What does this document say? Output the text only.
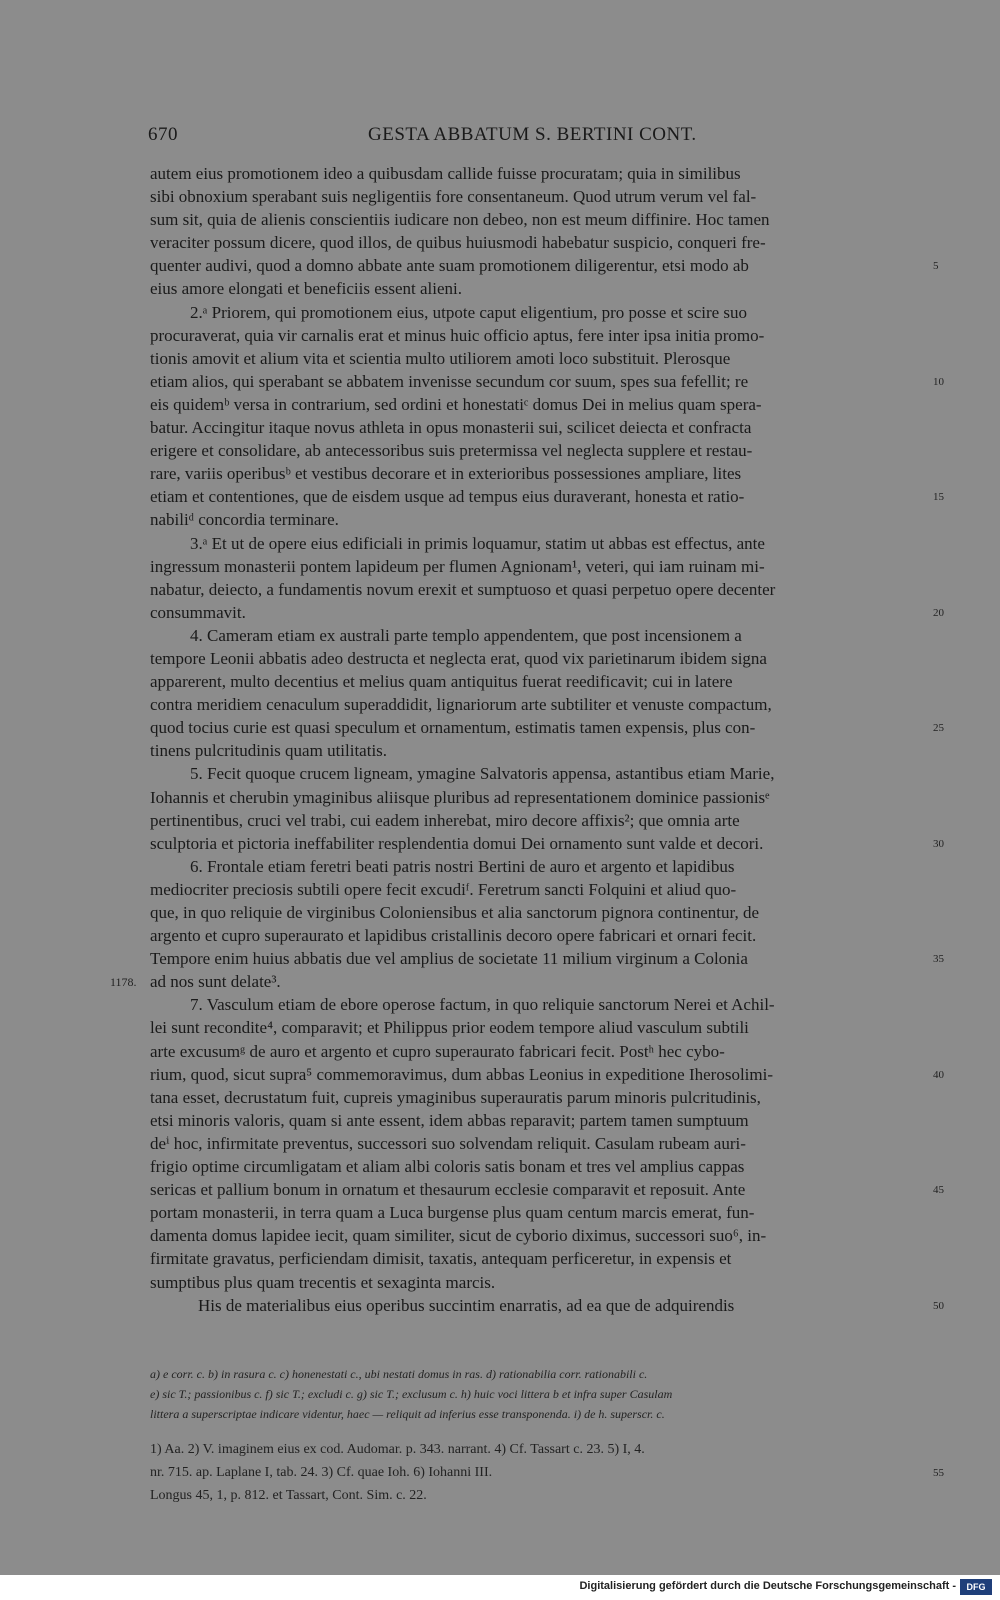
670	GESTA ABBATUM S. BERTINI CONT.
autem eius promotionem ideo a quibusdam callide fuisse procuratam; quia in similibus
sibi obnoxium sperabant suis negligentiis fore consentaneum. Quod utrum verum vel fal-
sum sit, quia de alienis conscientiis iudicare non debeo, non est meum diffinire. Hoc tamen
veraciter possum dicere, quod illos, de quibus huiusmodi habebatur suspicio, conqueri fre-
quenter audivi, quod a domno abbate ante suam promotionem diligerentur, etsi modo ab	5
eius amore elongati et beneficiis essent alieni.
2.ᵃ Priorem, qui promotionem eius, utpote caput eligentium, pro posse et scire suo
procuraverat, quia vir carnalis erat et minus huic officio aptus, fere inter ipsa initia promo-
tionis amovit et alium vita et scientia multo utiliorem amoti loco substituit. Plerosque
etiam alios, qui sperabant se abbatem invenisse secundum cor suum, spes sua fefellit; re	10
eis quidemᵇ versa in contrarium, sed ordini et honestatiᶜ domus Dei in melius quam spera-
batur. Accingitur itaque novus athleta in opus monasterii sui, scilicet deiecta et confracta
erigere et consolidare, ab antecessoribus suis pretermissa vel neglecta supplere et restau-
rare, variis operibusᵇ et vestibus decorare et in exterioribus possessiones ampliare, lites
etiam et contentiones, que de eisdem usque ad tempus eius duraverant, honesta et ratio-	15
nabiliᵈ concordia terminare.
3.ᵃ Et ut de opere eius edificiali in primis loquamur, statim ut abbas est effectus, ante
ingressum monasterii pontem lapideum per flumen Agnionam¹, veteri, qui iam ruinam mi-
nabatur, deiecto, a fundamentis novum erexit et sumptuoso et quasi perpetuo opere decenter
consummavit.	20
4. Cameram etiam ex australi parte templo appendentem, que post incensionem a
tempore Leonii abbatis adeo destructa et neglecta erat, quod vix parietinarum ibidem signa
apparerent, multo decentius et melius quam antiquitus fuerat reedificavit; cui in latere
contra meridiem cenaculum superaddidit, lignariorum arte subtiliter et venuste compactum,
quod tocius curie est quasi speculum et ornamentum, estimatis tamen expensis, plus con-	25
tinens pulcritudinis quam utilitatis.
5. Fecit quoque crucem ligneam, ymagine Salvatoris appensa, astantibus etiam Marie,
Iohannis et cherubin ymaginibus aliisque pluribus ad representationem dominice passionisᵉ
pertinentibus, cruci vel trabi, cui eadem inherebat, miro decore affixis²; que omnia arte
sculptoria et pictoria ineffabiliter resplendentia domui Dei ornamento sunt valde et decori.	30
6. Frontale etiam feretri beati patris nostri Bertini de auro et argento et lapidibus
mediocriter preciosis subtili opere fecit excudiᶠ. Feretrum sancti Folquini et aliud quo-
que, in quo reliquie de virginibus Coloniensibus et alia sanctorum pignora continentur, de
argento et cupro superaurato et lapidibus cristallinis decoro opere fabricari et ornari fecit.
Tempore enim huius abbatis due vel amplius de societate 11 milium virginum a Colonia	35
ad nos sunt delate³.
1178.
7. Vasculum etiam de ebore operose factum, in quo reliquie sanctorum Nerei et Achil-
lei sunt recondite⁴, comparavit; et Philippus prior eodem tempore aliud vasculum subtili
arte excusumᵍ de auro et argento et cupro superaurato fabricari fecit. Postʰ hec cybo-
rium, quod, sicut supra⁵ commemoravimus, dum abbas Leonius in expeditione Iherosolimi-	40
tana esset, decrustatum fuit, cupreis ymaginibus superauratis parum minoris pulcritudinis,
etsi minoris valoris, quam si ante essent, idem abbas reparavit; partem tamen sumptuum
deⁱ hoc, infirmitate preventus, successori suo solvendam reliquit. Casulam rubeam auri-
frigio optime circumligatam et aliam albi coloris satis bonam et tres vel amplius cappas
sericas et pallium bonum in ornatum et thesaurum ecclesie comparavit et reposuit. Ante	45
portam monasterii, in terra quam a Luca burgense plus quam centum marcis emerat, fun-
damenta domus lapidee iecit, quam similiter, sicut de cyborio diximus, successori suo⁶, in-
firmitate gravatus, perficiendam dimisit, taxatis, antequam perficeretur, in expensis et
sumptibus plus quam trecentis et sexaginta marcis.
His de materialibus eius operibus succintim enarratis, ad ea que de adquirendis	50
a) e corr. c. b) in rasura c. c) honenestati c., ubi nestati domus in ras. d) rationabilia corr. rationabili c.
e) sic T.; passionibus c. f) sic T.; excludi c. g) sic T.; exclusum c. h) huic voci littera b et infra super Casulam
littera a superscriptae indicare videntur, haec — reliquit ad inferius esse transponenda. i) de h. superscr. c.
1) Aa. 2) V. imaginem eius ex cod. Audomar. p. 343. narrant. 4) Cf. Tassart c. 23. 5) I, 4.
nr. 715. ap. Laplane I, tab. 24. 3) Cf. quae Ioh. 6) Iohanni III.	55
Longus 45, 1, p. 812. et Tassart, Cont. Sim. c. 22.
Digitalisierung gefördert durch die Deutsche Forschungsgemeinschaft -	DFG
